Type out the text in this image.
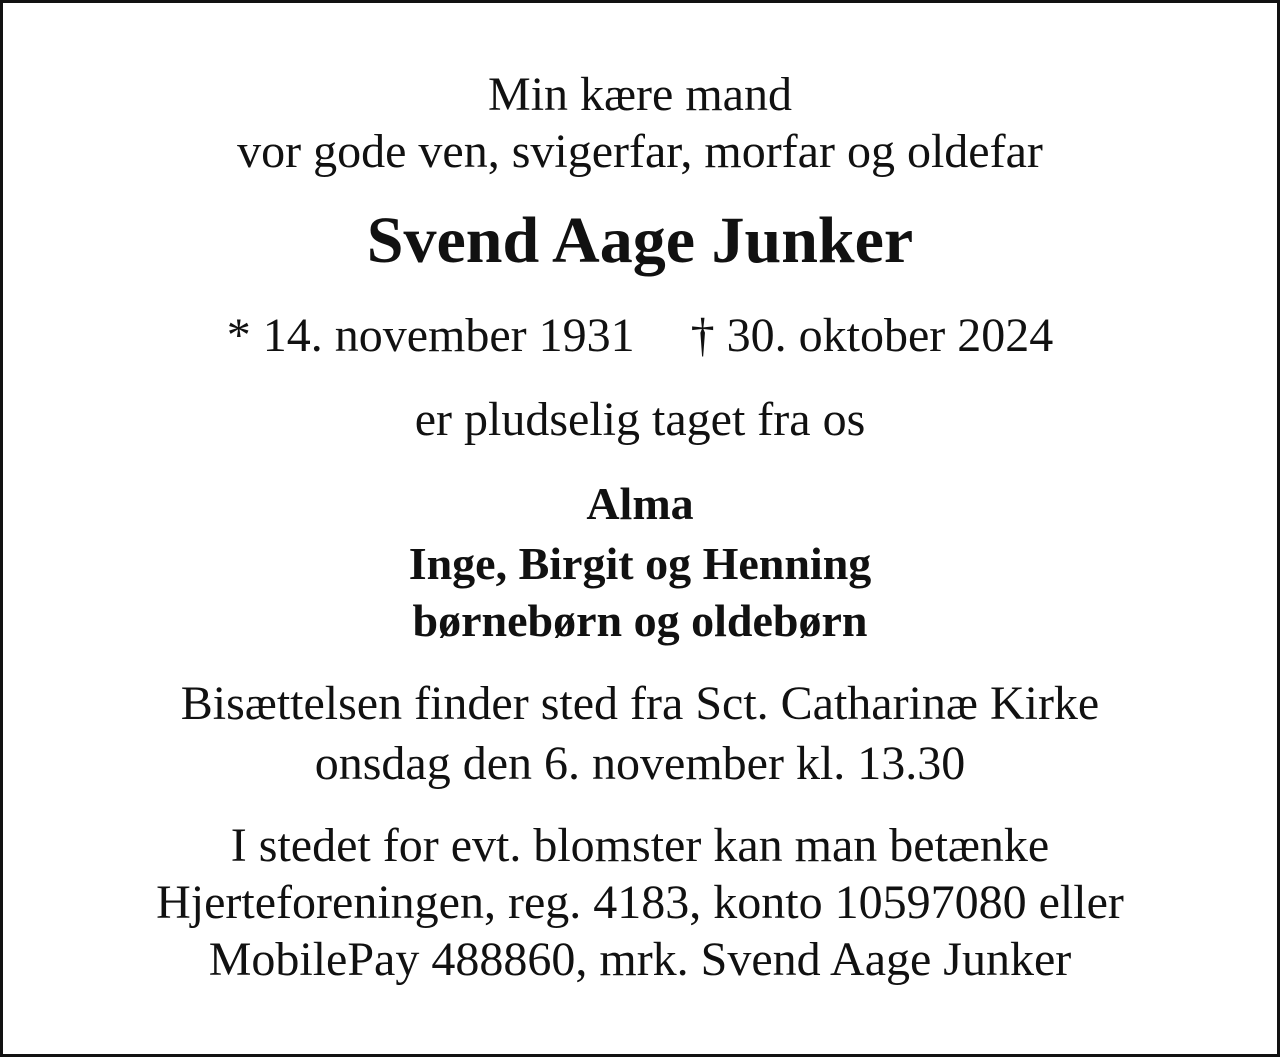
Min kære mand
vor gode ven, svigerfar, morfar og oldefar
Svend Aage Junker
* 14. november 1931 † 30. oktober 2024
er pludselig taget fra os
Alma
Inge, Birgit og Henning
børnebørn og oldebørn
Bisættelsen finder sted fra Sct. Catharinæ Kirke
onsdag den 6. november kl. 13.30
I stedet for evt. blomster kan man betænke
Hjerteforeningen, reg. 4183, konto 10597080 eller
MobilePay 488860, mrk. Svend Aage Junker
